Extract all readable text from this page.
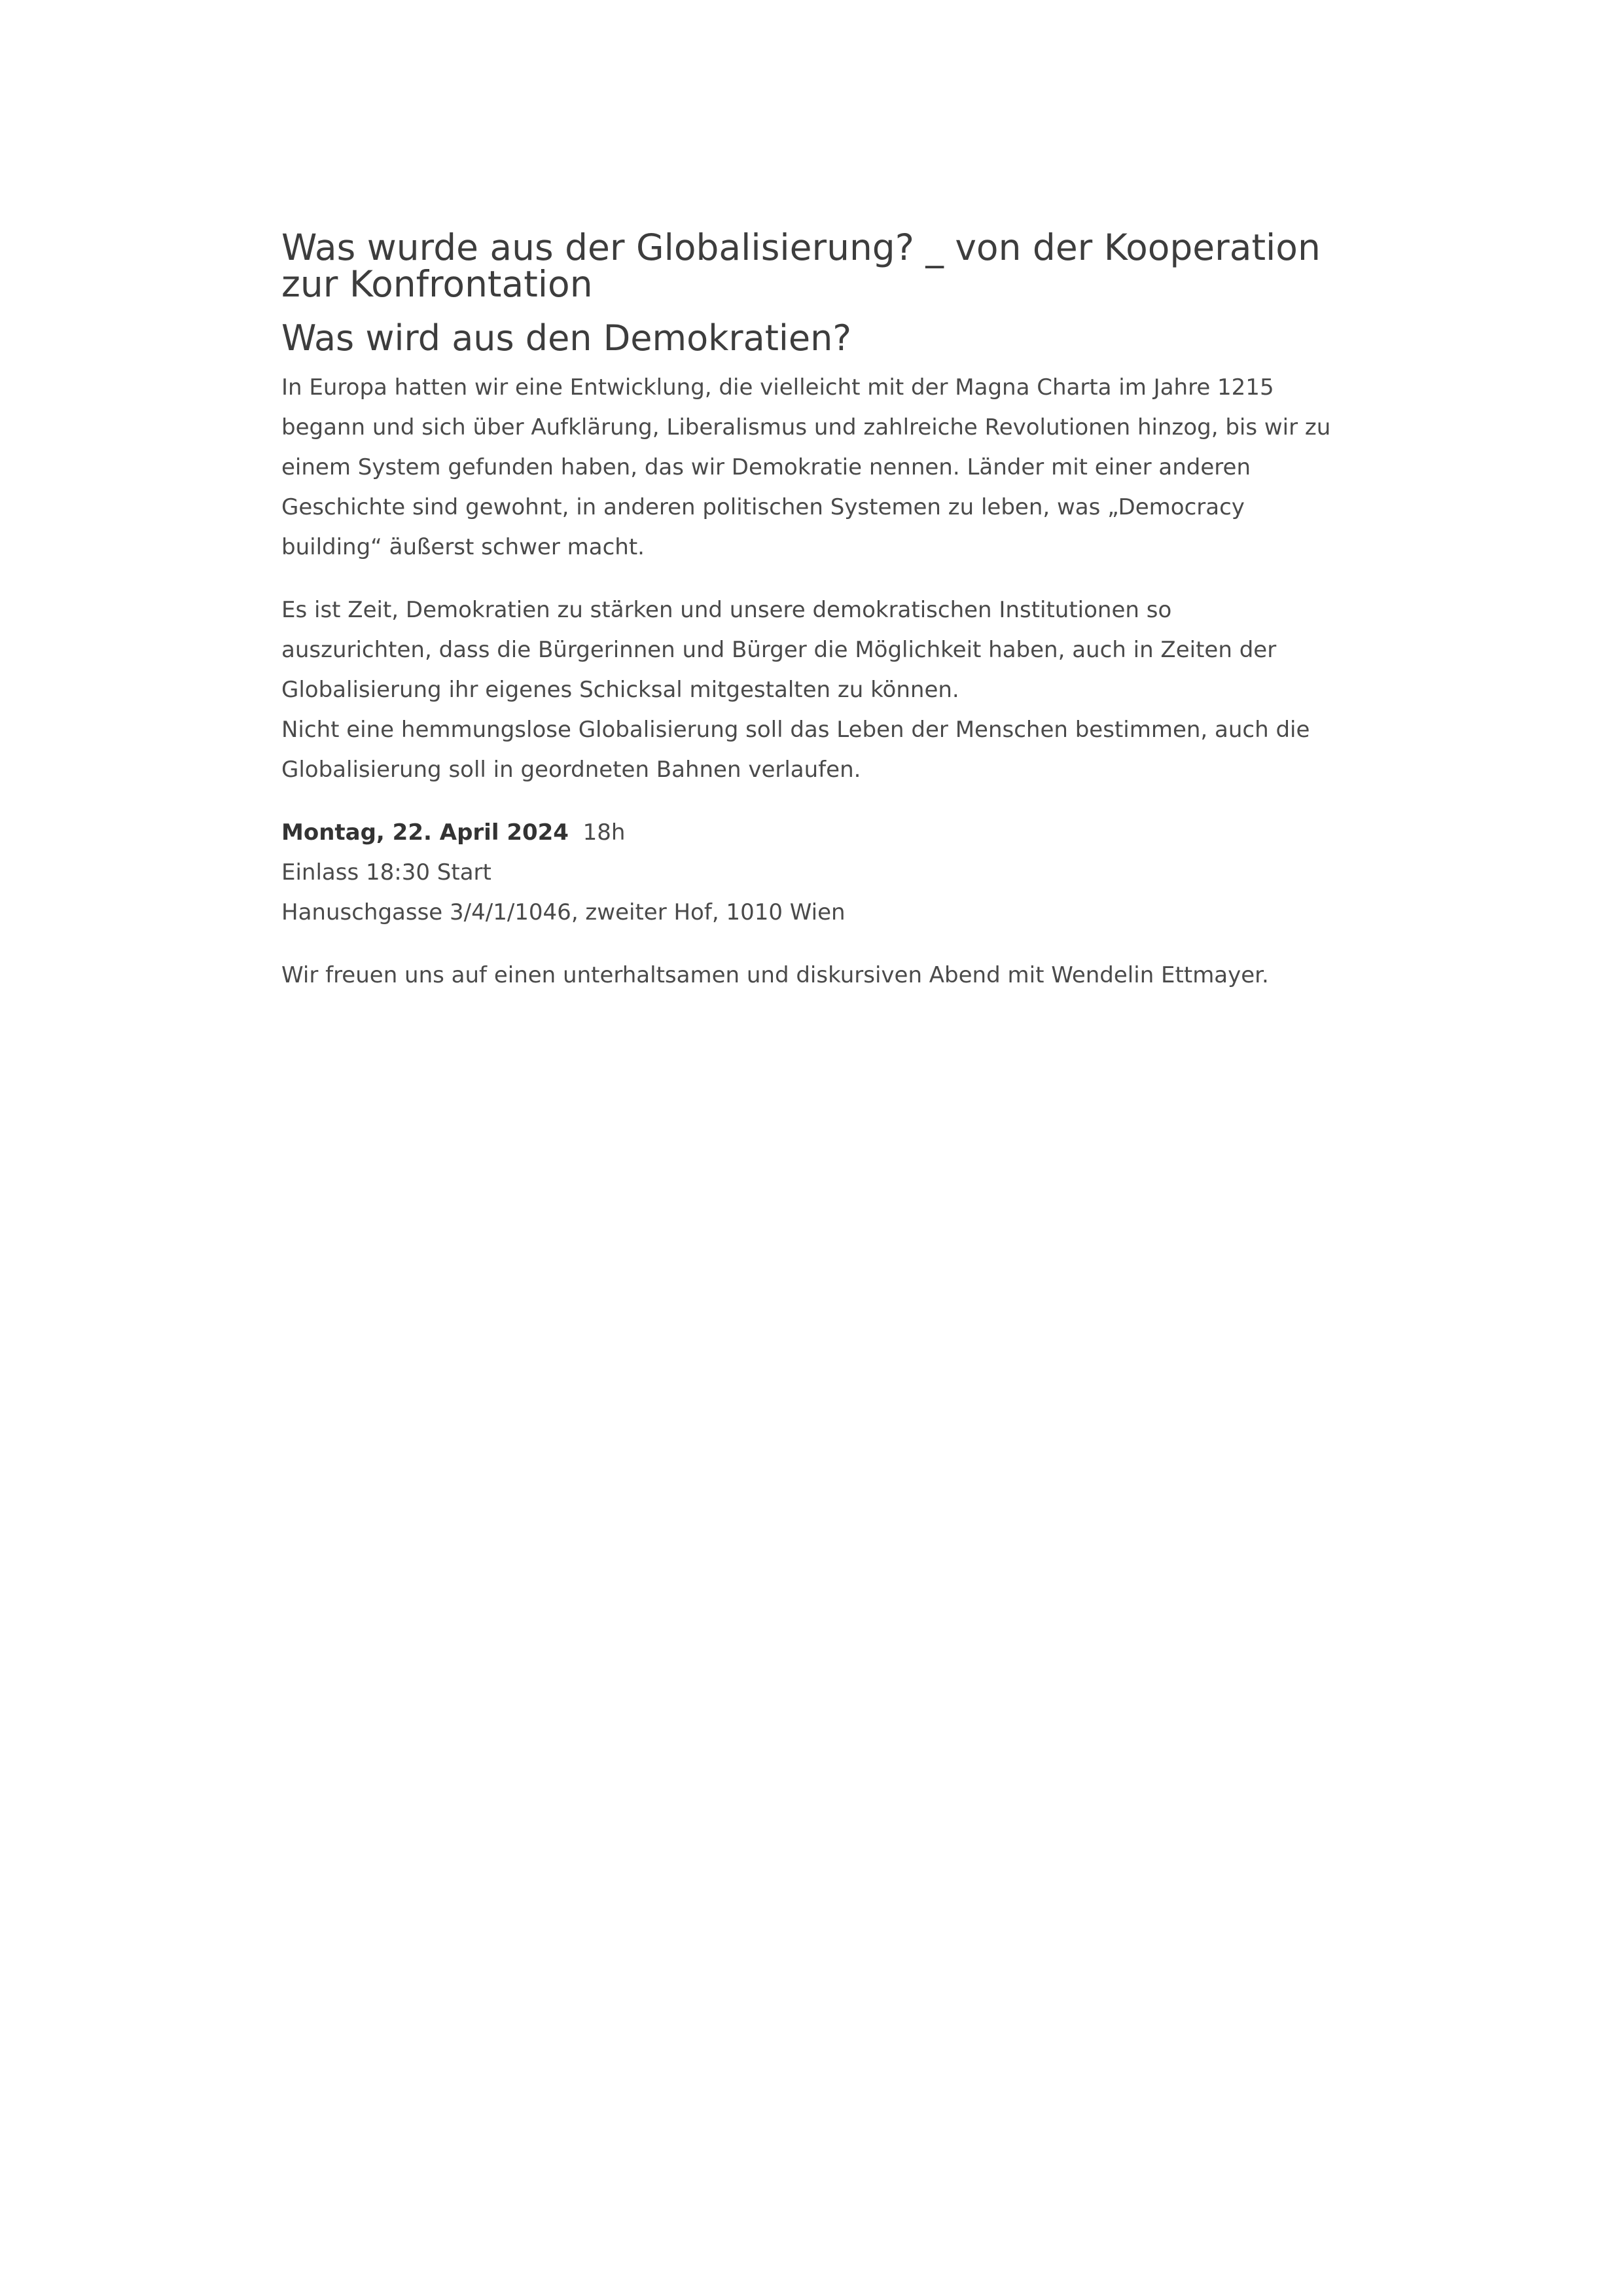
Was wurde aus der Globalisierung? _ von der Kooperation zur Konfrontation
Was wird aus den Demokratien?

In Europa hatten wir eine Entwicklung, die vielleicht mit der Magna Charta im Jahre 1215 begann und sich über Aufklärung, Liberalismus und zahlreiche Revolutionen hinzog, bis wir zu einem System gefunden haben, das wir Demokratie nennen. Länder mit einer anderen Geschichte sind gewohnt, in anderen politischen Systemen zu leben, was „Democracy building“ äußerst schwer macht.

Es ist Zeit, Demokratien zu stärken und unsere demokratischen Institutionen so auszurichten, dass die Bürgerinnen und Bürger die Möglichkeit haben, auch in Zeiten der Globalisierung ihr eigenes Schicksal mitgestalten zu können.

Nicht eine hemmungslose Globalisierung soll das Leben der Menschen bestimmen, auch die Globalisierung soll in geordneten Bahnen verlaufen.

Montag, 22. April 2024 18h

Einlass 18:30 Start

Hanuschgasse 3/4/1/1046, zweiter Hof, 1010 Wien

Wir freuen uns auf einen unterhaltsamen und diskursiven Abend mit Wendelin Ettmayer.
